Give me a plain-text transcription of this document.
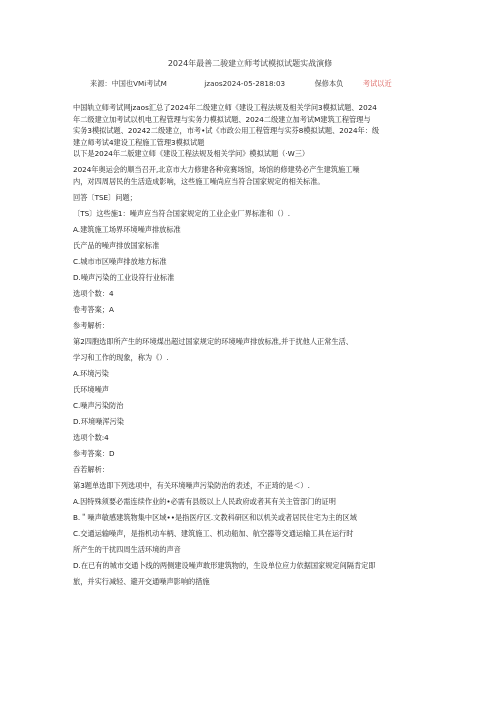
2024年最善二骏建立师考试模拟试题实战演修
来源：中国也VMi考试M	jzaos2024-05-2818:03	保修本负	考试以近
中国轨立师考试网jzaos汇总了2024年二级建立师《建设工程法规及相关学问3模拟试题、2024
年二级建立加考试以机电工程管理与实务力模拟试题、2024二级建立加考试M建筑工程管理与
实务3模拟试题、20242二级建立，市考•试《市政公用工程管理与实芬8模拟试题、2024年：级
建立师考试4建设工程施工管理3模拟试题
以下是2024年二版建立师《建设工程法规及相关学问》模拟试题（·W三）
2024年奥运会的顺当召开,北京市大力修建各种竞赛场馆，场馆的修建势必产生建筑施工噪
内，对四周居民的生活造成影响，这些施工噪尚应当符合国家规定的相关标准。
回答〔TSE〕问题；
〔TS〕这些施1：噪声应当符合国家规定的工业企业厂界标准和（）.
A.建筑施工场界环境噪声排放标准
氏产品的噪声排放国家标准
C.城市市区噪声排放地方标准
D.噪声污染的工业设符行业标准
选项个数：4
卷考答案；A
参考解析：
第2四胞选即所产生的环境煤出超过国家规定的环境噪声排放标准,并于扰他人正常生活、
学习和工作的现象，称为《）.
A.环境污染
氏环境噪声
C.噪声污染防治
D.环境噪浑污染
选项个数:4
参考答案：D
吞若解析：
第3题单选即下列选项中，有关环境噪声污染防治的表述，不正琦的是＜）.
A.因特殊须要必需连续作业的•必需有县级以上人民政府或者其有关主管部门的证明
B.＂噪声敏感建筑物集中区域••是指医疗区.文教科研区和以机关或者居民住宅为主的区域
C.交通运输噪声，是指机动车柄、建筑施工、机动船加、航空器等交通运输工具在运行时
所产生的干扰四周生活环境的声音
D.在已有的城市交通卜线的两侧建设噪声敢形建筑物的，生设单位应力依据国家规定间隔肯定即
旅，并实行减轻、避开交通噪声影响的措施
